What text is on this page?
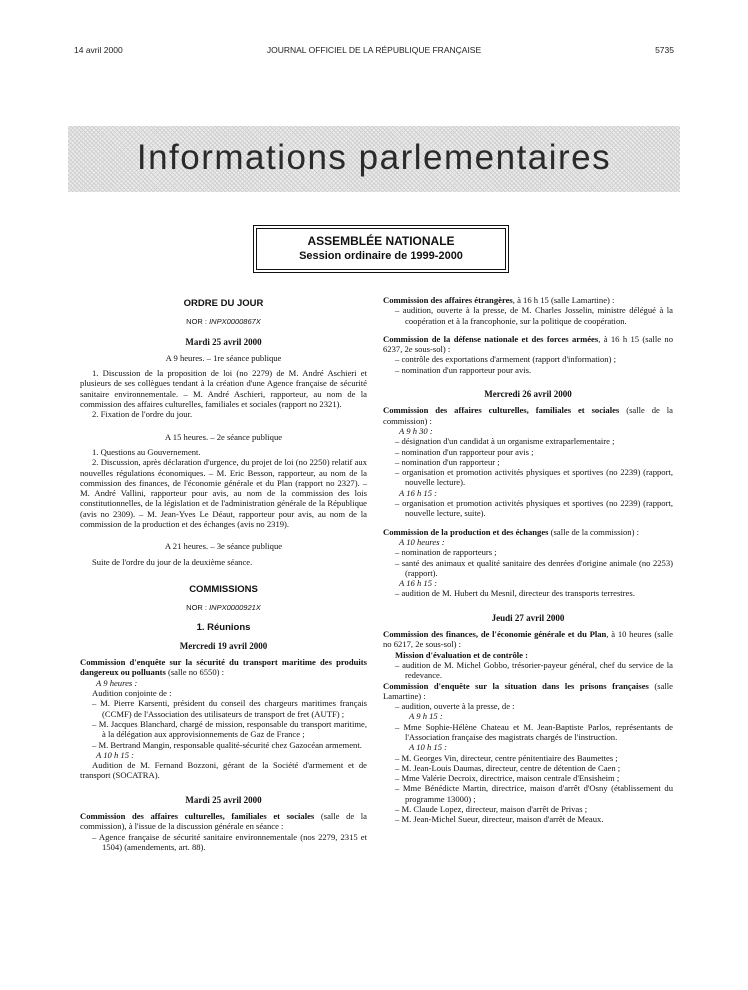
14 avril 2000	JOURNAL OFFICIEL DE LA RÉPUBLIQUE FRANÇAISE	5735
Informations parlementaires
ASSEMBLÉE NATIONALE
Session ordinaire de 1999-2000
ORDRE DU JOUR
NOR : INPX0000867X
Mardi 25 avril 2000
A 9 heures. – 1re séance publique

1. Discussion de la proposition de loi (no 2279) de M. André Aschieri et plusieurs de ses collègues tendant à la création d'une Agence française de sécurité sanitaire environnementale. – M. André Aschieri, rapporteur, au nom de la commission des affaires culturelles, familiales et sociales (rapport no 2321).

2. Fixation de l'ordre du jour.

A 15 heures. – 2e séance publique

1. Questions au Gouvernement.

2. Discussion, après déclaration d'urgence, du projet de loi (no 2250) relatif aux nouvelles régulations économiques. – M. Eric Besson, rapporteur, au nom de la commission des finances, de l'économie générale et du Plan (rapport no 2327). – M. André Vallini, rapporteur pour avis, au nom de la commission des lois constitutionnelles, de la législation et de l'administration générale de la République (avis no 2309). – M. Jean-Yves Le Déaut, rapporteur pour avis, au nom de la commission de la production et des échanges (avis no 2319).

A 21 heures. – 3e séance publique

Suite de l'ordre du jour de la deuxième séance.

COMMISSIONS
NOR : INPX0000921X
1. Réunions
Mercredi 19 avril 2000

Commission d'enquête sur la sécurité du transport maritime des produits dangereux ou polluants (salle no 6550) :

A 9 heures :

Audition conjointe de :

– M. Pierre Karsenti, président du conseil des chargeurs maritimes français (CCMF) de l'Association des utilisateurs de transport de fret (AUTF) ;

– M. Jacques Blanchard, chargé de mission, responsable du transport maritime, à la délégation aux approvisionnements de Gaz de France ;

– M. Bertrand Mangin, responsable qualité-sécurité chez Gazocéan armement.

A 10 h 15 :

Audition de M. Fernand Bozzoni, gérant de la Société d'armement et de transport (SOCATRA).

Mardi 25 avril 2000

Commission des affaires culturelles, familiales et sociales (salle de la commission), à l'issue de la discussion générale en séance :

– Agence française de sécurité sanitaire environnementale (nos 2279, 2315 et 1504) (amendements, art. 88).

Commission des affaires étrangères, à 16 h 15 (salle Lamartine) :

– audition, ouverte à la presse, de M. Charles Josselin, ministre délégué à la coopération et à la francophonie, sur la politique de coopération.

Commission de la défense nationale et des forces armées, à 16 h 15 (salle no 6237, 2e sous-sol) :

– contrôle des exportations d'armement (rapport d'information) ;

– nomination d'un rapporteur pour avis.

Mercredi 26 avril 2000

Commission des affaires culturelles, familiales et sociales (salle de la commission) :

A 9 h 30 :

– désignation d'un candidat à un organisme extraparlementaire ;

– nomination d'un rapporteur pour avis ;

– nomination d'un rapporteur ;

– organisation et promotion activités physiques et sportives (no 2239) (rapport, nouvelle lecture).

A 16 h 15 :

– organisation et promotion activités physiques et sportives (no 2239) (rapport, nouvelle lecture, suite).

Commission de la production et des échanges (salle de la commission) :

A 10 heures :

– nomination de rapporteurs ;

– santé des animaux et qualité sanitaire des denrées d'origine animale (no 2253) (rapport).

A 16 h 15 :

– audition de M. Hubert du Mesnil, directeur des transports terrestres.

Jeudi 27 avril 2000

Commission des finances, de l'économie générale et du Plan, à 10 heures (salle no 6217, 2e sous-sol) :

Mission d'évaluation et de contrôle :

– audition de M. Michel Gobbo, trésorier-payeur général, chef du service de la redevance.

Commission d'enquête sur la situation dans les prisons françaises (salle Lamartine) :

– audition, ouverte à la presse, de :

A 9 h 15 :

– Mme Sophie-Hélène Chateau et M. Jean-Baptiste Parlos, représentants de l'Association française des magistrats chargés de l'instruction.

A 10 h 15 :

– M. Georges Vin, directeur, centre pénitentiaire des Baumettes ;

– M. Jean-Louis Daumas, directeur, centre de détention de Caen ;

– Mme Valérie Decroix, directrice, maison centrale d'Ensisheim ;

– Mme Bénédicte Martin, directrice, maison d'arrêt d'Osny (établissement du programme 13000) ;

– M. Claude Lopez, directeur, maison d'arrêt de Privas ;

– M. Jean-Michel Sueur, directeur, maison d'arrêt de Meaux.
